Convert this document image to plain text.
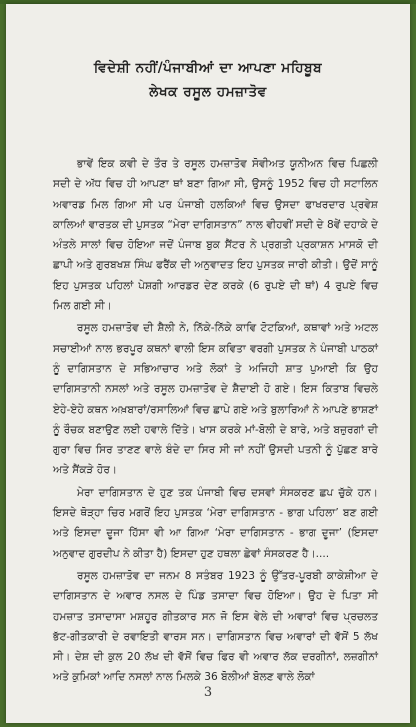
ਵਿਦੇਸ਼ੀ ਨਹੀਂ/ਪੰਜਾਬੀਆਂ ਦਾ ਆਪਣਾ ਮਹਿਬੂਬ
ਲੇਖਕ ਰਸੂਲ ਹਮਜ਼ਾਤੋਵ

ਭਾਵੇਂ ਇਕ ਕਵੀ ਦੇ ਤੌਰ ਤੇ ਰਸੂਲ ਹਮਜ਼ਾਤੋਵ ਸੋਵੀਅਤ ਯੂਨੀਅਨ ਵਿਚ ਪਿਛਲੀ ਸਦੀ ਦੇ ਅੱਧ ਵਿਚ ਹੀ ਆਪਣਾ ਥਾਂ ਬਣਾ ਗਿਆ ਸੀ, ਉਸਨੂੰ 1952 ਵਿਚ ਹੀ ਸਟਾਲਿਨ ਅਵਾਰਡ ਮਿਲ ਗਿਆ ਸੀ ਪਰ ਪੰਜਾਬੀ ਹਲਕਿਆਂ ਵਿਚ ਉਸਦਾ ਫਾਖਰਦਾਰ ਪ੍ਰਵੇਸ਼ ਕਾਲਿਆਂ ਵਾਰਤਕ ਦੀ ਪੁਸਤਕ “ਮੇਰਾ ਦਾਗਿਸਤਾਨ” ਨਾਲ ਵੀਹਵੀਂ ਸਦੀ ਦੇ 8ਵੇਂ ਦਹਾਕੇ ਦੇ ਅੰਤਲੇ ਸਾਲਾਂ ਵਿਚ ਹੋਇਆ ਜਦੋਂ ਪੰਜਾਬ ਬੁਕ ਸੈਂਟਰ ਨੇ ਪ੍ਰਗਤੀ ਪ੍ਰਕਾਸ਼ਨ ਮਾਸਕੋ ਦੀ ਛਾਪੀ ਅਤੇ ਗੁਰਬਖਸ਼ ਸਿੰਘ ਫਰੈਂਕ ਦੀ ਅਨੁਵਾਦਤ ਇਹ ਪੁਸਤਕ ਜਾਰੀ ਕੀਤੀ। ਉਦੋਂ ਸਾਨੂੰ ਇਹ ਪੁਸਤਕ ਪਹਿਲਾਂ ਪੇਸ਼ਗੀ ਆਰਡਰ ਦੇਣ ਕਰਕੇ (6 ਰੁਪਏ ਦੀ ਥਾਂ) 4 ਰੁਪਏ ਵਿਚ ਮਿਲ ਗਈ ਸੀ।

ਰਸੂਲ ਹਮਜ਼ਾਤੋਵ ਦੀ ਸ਼ੈਲੀ ਨੇ, ਨਿੱਕੇ-ਨਿੱਕੇ ਕਾਵਿ ਟੋਟਕਿਆਂ, ਕਥਾਵਾਂ ਅਤੇ ਅਟਲ ਸਚਾਈਆਂ ਨਾਲ ਭਰਪੂਰ ਕਥਨਾਂ ਵਾਲੀ ਇਸ ਕਵਿਤਾ ਵਰਗੀ ਪੁਸਤਕ ਨੇ ਪੰਜਾਬੀ ਪਾਠਕਾਂ ਨੂੰ ਦਾਗਿਸਤਾਨ ਦੇ ਸਭਿਆਚਾਰ ਅਤੇ ਲੋਕਾਂ ਤੇ ਅਜਿਹੀ ਸ਼ਾਤ ਪੁਆਈ ਕਿ ਉਹ ਦਾਗਿਸਤਾਨੀ ਨਸਲਾਂ ਅਤੇ ਰਸੂਲ ਹਮਜ਼ਾਤੋਵ ਦੇ ਸ਼ੈਦਾਈ ਹੋ ਗਏ। ਇਸ ਕਿਤਾਬ ਵਿਚਲੇ ਏਹੇ-ਏਹੇ ਕਥਨ ਅਖ਼ਬਾਰਾਂ/ਰਸਾਲਿਆਂ ਵਿਚ ਛਾਪੇ ਗਏ ਅਤੇ ਬੁਲਾਰਿਆਂ ਨੇ ਆਪਣੇ ਭਾਸ਼ਣਾਂ ਨੂੰ ਰੌਚਕ ਬਣਾਉਣ ਲਈ ਹਵਾਲੇ ਦਿੱਤੇ। ਖਾਸ ਕਰਕੇ ਮਾਂ-ਬੋਲੀ ਦੇ ਬਾਰੇ, ਅਤੇ ਬਜ਼ੁਰਗਾਂ ਦੀ ਗੁਰਾ ਵਿਚ ਸਿਰ ਤਾਣਣ ਵਾਲੇ ਬੰਦੇ ਦਾ ਸਿਰ ਸੀ ਜਾਂ ਨਹੀਂ ਉਸਦੀ ਪਤਨੀ ਨੂੰ ਪੁੱਛਣ ਬਾਰੇ ਅਤੇ ਸੈਂਕੜੇ ਹੋਰ।

ਮੇਰਾ ਦਾਗਿਸਤਾਨ ਦੇ ਹੁਣ ਤਕ ਪੰਜਾਬੀ ਵਿਚ ਦਸਵਾਂ ਸੰਸਕਰਣ ਛਪ ਚੁੱਕੇ ਹਨ। ਇਸਦੇ ਥੋੜ੍ਹਾ ਚਿਰ ਮਗਰੋਂ ਇਹ ਪੁਸਤਕ ‘ਮੇਰਾ ਦਾਗਿਸਤਾਨ - ਭਾਗ ਪਹਿਲਾ’ ਬਣ ਗਈ ਅਤੇ ਇਸਦਾ ਦੂਜਾ ਹਿੱਸਾ ਵੀ ਆ ਗਿਆ ‘ਮੇਰਾ ਦਾਗਿਸਤਾਨ - ਭਾਗ ਦੂਜਾ’ (ਇਸਦਾ ਅਨੁਵਾਦ ਗੁਰਦੀਪ ਨੇ ਕੀਤਾ ਹੈ) ਇਸਦਾ ਹੁਣ ਹਥਲਾ ਛੇਵਾਂ ਸੰਸਕਰਣ ਹੈ।....

ਰਸੂਲ ਹਮਜ਼ਾਤੋਵ ਦਾ ਜਨਮ 8 ਸਤੰਬਰ 1923 ਨੂੰ ਉੱਤਰ-ਪੂਰਬੀ ਕਾਕੇਸ਼ੀਆ ਦੇ ਦਾਗਿਸਤਾਨ ਦੇ ਅਵਾਰ ਨਸਲ ਦੇ ਪਿੰਡ ਤਸਾਦਾ ਵਿਚ ਹੋਇਆ। ਉਹ ਦੇ ਪਿਤਾ ਸੀ ਹਮਜ਼ਾਤ ਤਸਾਦਾਸਾ ਮਸ਼ਹੂਰ ਗੀਤਕਾਰ ਸਨ ਜੋ ਇਸ ਵੇਲੇ ਦੀ ਅਵਾਰਾਂ ਵਿਚ ਪ੍ਰਚਲਤ ਭੱਟ-ਗੀਤਕਾਰੀ ਦੇ ਰਵਾਇਤੀ ਵਾਰਸ ਸਨ। ਦਾਗਿਸਤਾਨ ਵਿਚ ਅਵਾਰਾਂ ਦੀ ਵੱਸੋਂ 5 ਲੱਖ ਸੀ। ਦੇਸ਼ ਦੀ ਕੁਲ 20 ਲੱਖ ਦੀ ਵੱਸੋਂ ਵਿਚ ਫਿਰ ਵੀ ਅਵਾਰ ਲੱਕ ਦਰਗੀਨਾਂ, ਲਜ਼ਗੀਨਾਂ ਅਤੇ ਕੁਮਿਕਾਂ ਆਦਿ ਨਸਲਾਂ ਨਾਲ ਮਿਲਕੇ 36 ਬੋਲੀਆਂ ਬੋਲਣ ਵਾਲੇ ਲੋਕਾਂ

3
